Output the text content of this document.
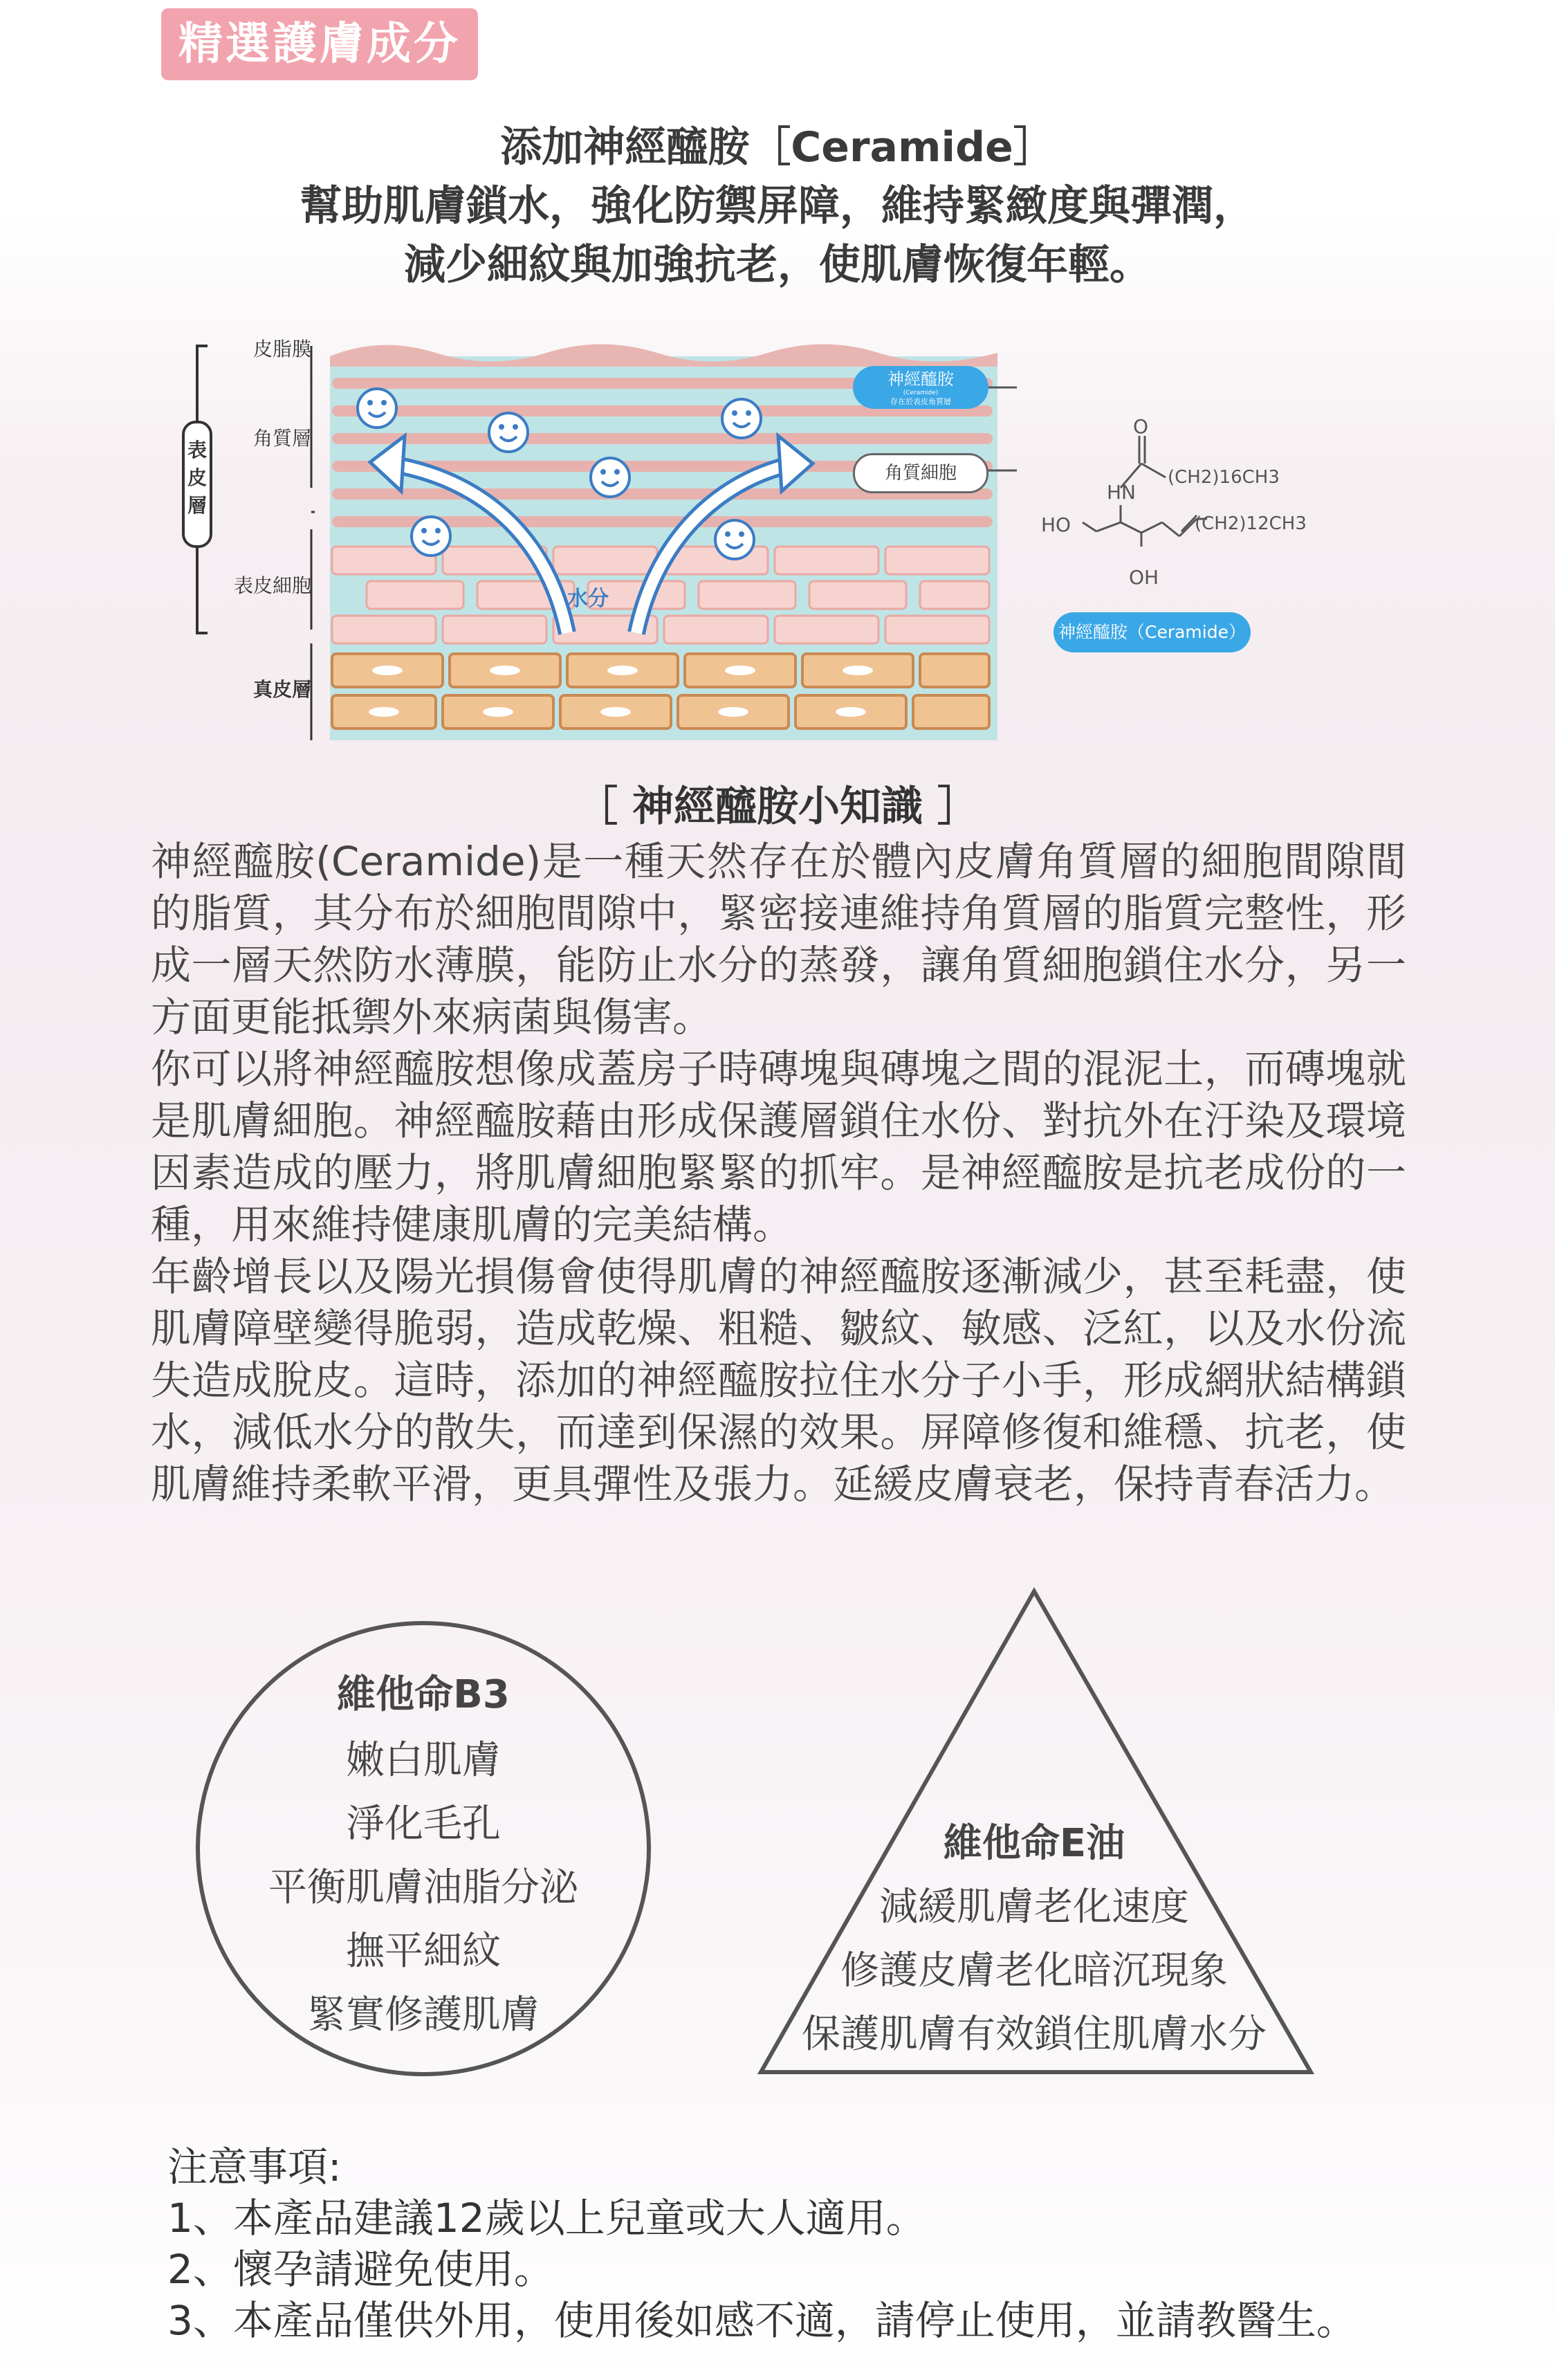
精選護膚成分
添加神經醯胺［Ceramide］
幫助肌膚鎖水，強化防禦屏障，維持緊緻度與彈潤，
減少細紋與加強抗老，使肌膚恢復年輕。
表
皮
層
水分
皮脂膜
角質層
表皮細胞
真皮層
神經醯胺
(Ceramide)
存在於表皮角質層
角質細胞
O
HN
(CH2)16CH3
HO	(CH2)12CH3
OH
神經醯胺（Ceramide）
［ 神經醯胺小知識 ］

神經醯胺(Ceramide)是一種天然存在於體內皮膚角質層的細胞間隙間的脂質，其分布於細胞間隙中，緊密接連維持角質層的脂質完整性，形成一層天然防水薄膜，能防止水分的蒸發，讓角質細胞鎖住水分，另一方面更能抵禦外來病菌與傷害。

你可以將神經醯胺想像成蓋房子時磚塊與磚塊之間的混泥土，而磚塊就是肌膚細胞。神經醯胺藉由形成保護層鎖住水份、對抗外在汙染及環境因素造成的壓力，將肌膚細胞緊緊的抓牢。是神經醯胺是抗老成份的一種，用來維持健康肌膚的完美結構。

年齡增長以及陽光損傷會使得肌膚的神經醯胺逐漸減少，甚至耗盡，使肌膚障壁變得脆弱，造成乾燥、粗糙、皺紋、敏感、泛紅，以及水份流失造成脫皮。這時，添加的神經醯胺拉住水分子小手，形成網狀結構鎖水，減低水分的散失，而達到保濕的效果。屏障修復和維穩、抗老，使肌膚維持柔軟平滑，更具彈性及張力。延緩皮膚衰老，保持青春活力。

維他命B3
嫩白肌膚
淨化毛孔
平衡肌膚油脂分泌
撫平細紋
緊實修護肌膚
維他命E油
減緩肌膚老化速度
修護皮膚老化暗沉現象
保護肌膚有效鎖住肌膚水分
注意事項:
1、本產品建議12歲以上兒童或大人適用。
2、懷孕請避免使用。
3、本產品僅供外用，使用後如感不適，請停止使用，並請教醫生。
